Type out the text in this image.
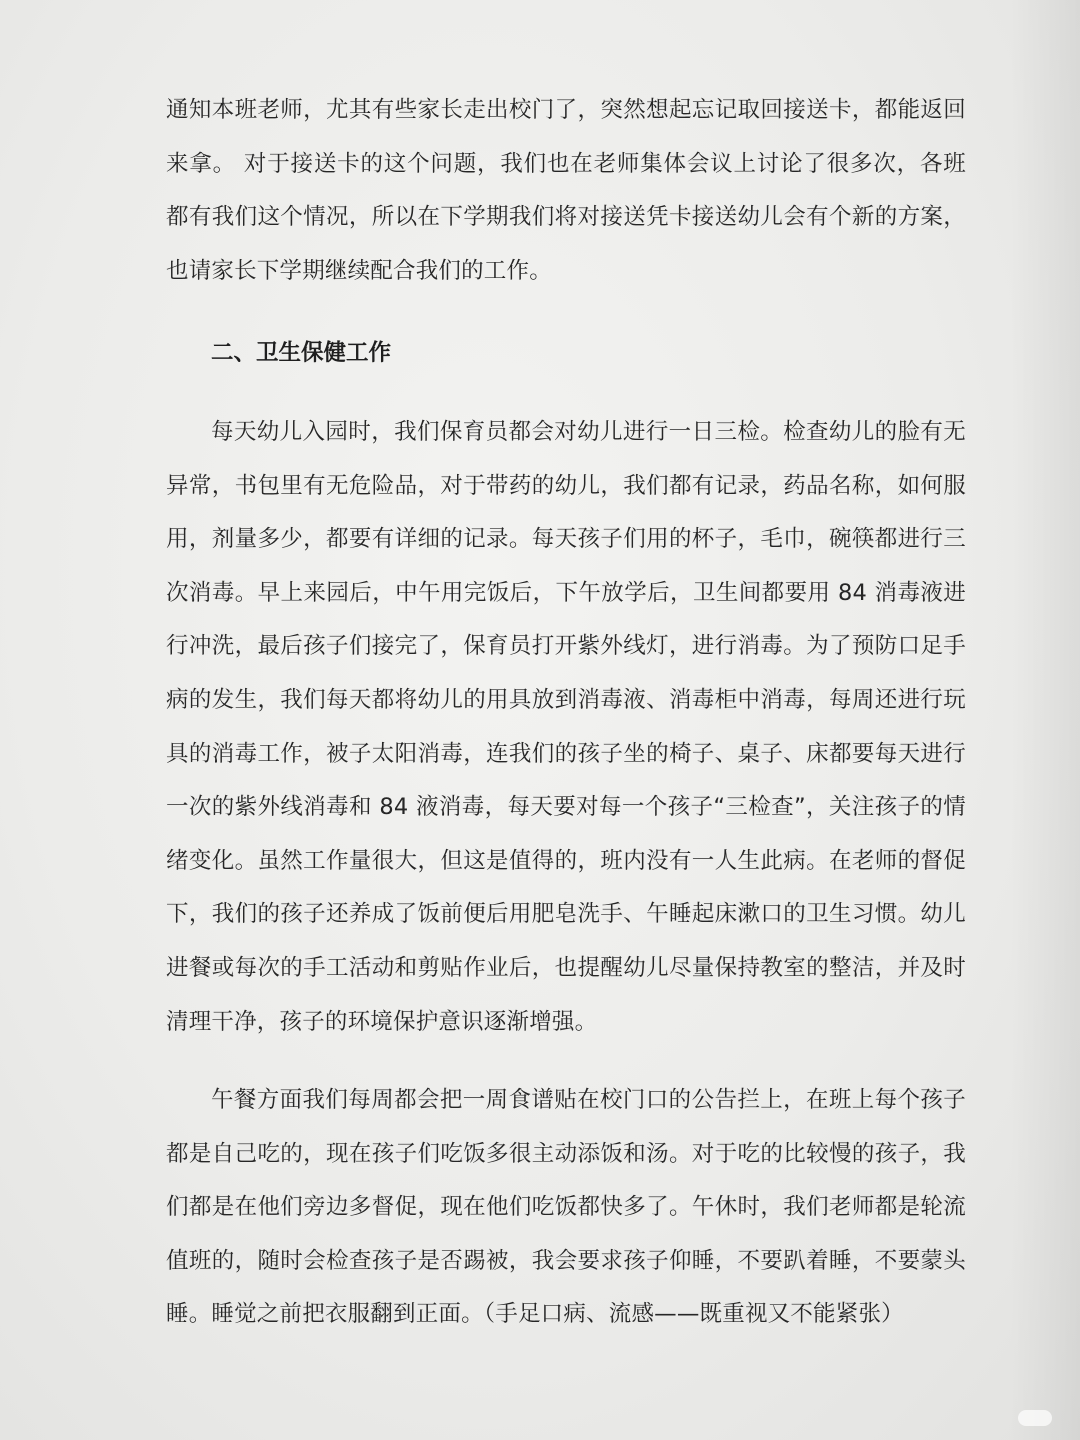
通知本班老师，尤其有些家长走出校门了，突然想起忘记取回接送卡，都能返回来拿。 对于接送卡的这个问题，我们也在老师集体会议上讨论了很多次，各班都有我们这个情况，所以在下学期我们将对接送凭卡接送幼儿会有个新的方案，也请家长下学期继续配合我们的工作。

二、卫生保健工作

每天幼儿入园时，我们保育员都会对幼儿进行一日三检。检查幼儿的脸有无异常，书包里有无危险品，对于带药的幼儿，我们都有记录，药品名称，如何服用，剂量多少，都要有详细的记录。每天孩子们用的杯子，毛巾，碗筷都进行三次消毒。早上来园后，中午用完饭后，下午放学后，卫生间都要用 84 消毒液进行冲洗，最后孩子们接完了，保育员打开紫外线灯，进行消毒。为了预防口足手病的发生，我们每天都将幼儿的用具放到消毒液、消毒柜中消毒，每周还进行玩具的消毒工作，被子太阳消毒，连我们的孩子坐的椅子、桌子、床都要每天进行一次的紫外线消毒和 84 液消毒，每天要对每一个孩子“三检查”，关注孩子的情绪变化。虽然工作量很大，但这是值得的，班内没有一人生此病。在老师的督促下，我们的孩子还养成了饭前便后用肥皂洗手、午睡起床漱口的卫生习惯。幼儿进餐或每次的手工活动和剪贴作业后，也提醒幼儿尽量保持教室的整洁，并及时清理干净，孩子的环境保护意识逐渐增强。

午餐方面我们每周都会把一周食谱贴在校门口的公告拦上，在班上每个孩子都是自己吃的，现在孩子们吃饭多很主动添饭和汤。对于吃的比较慢的孩子，我们都是在他们旁边多督促，现在他们吃饭都快多了。午休时，我们老师都是轮流值班的，随时会检查孩子是否踢被，我会要求孩子仰睡，不要趴着睡，不要蒙头睡。睡觉之前把衣服翻到正面。（手足口病、流感——既重视又不能紧张）
